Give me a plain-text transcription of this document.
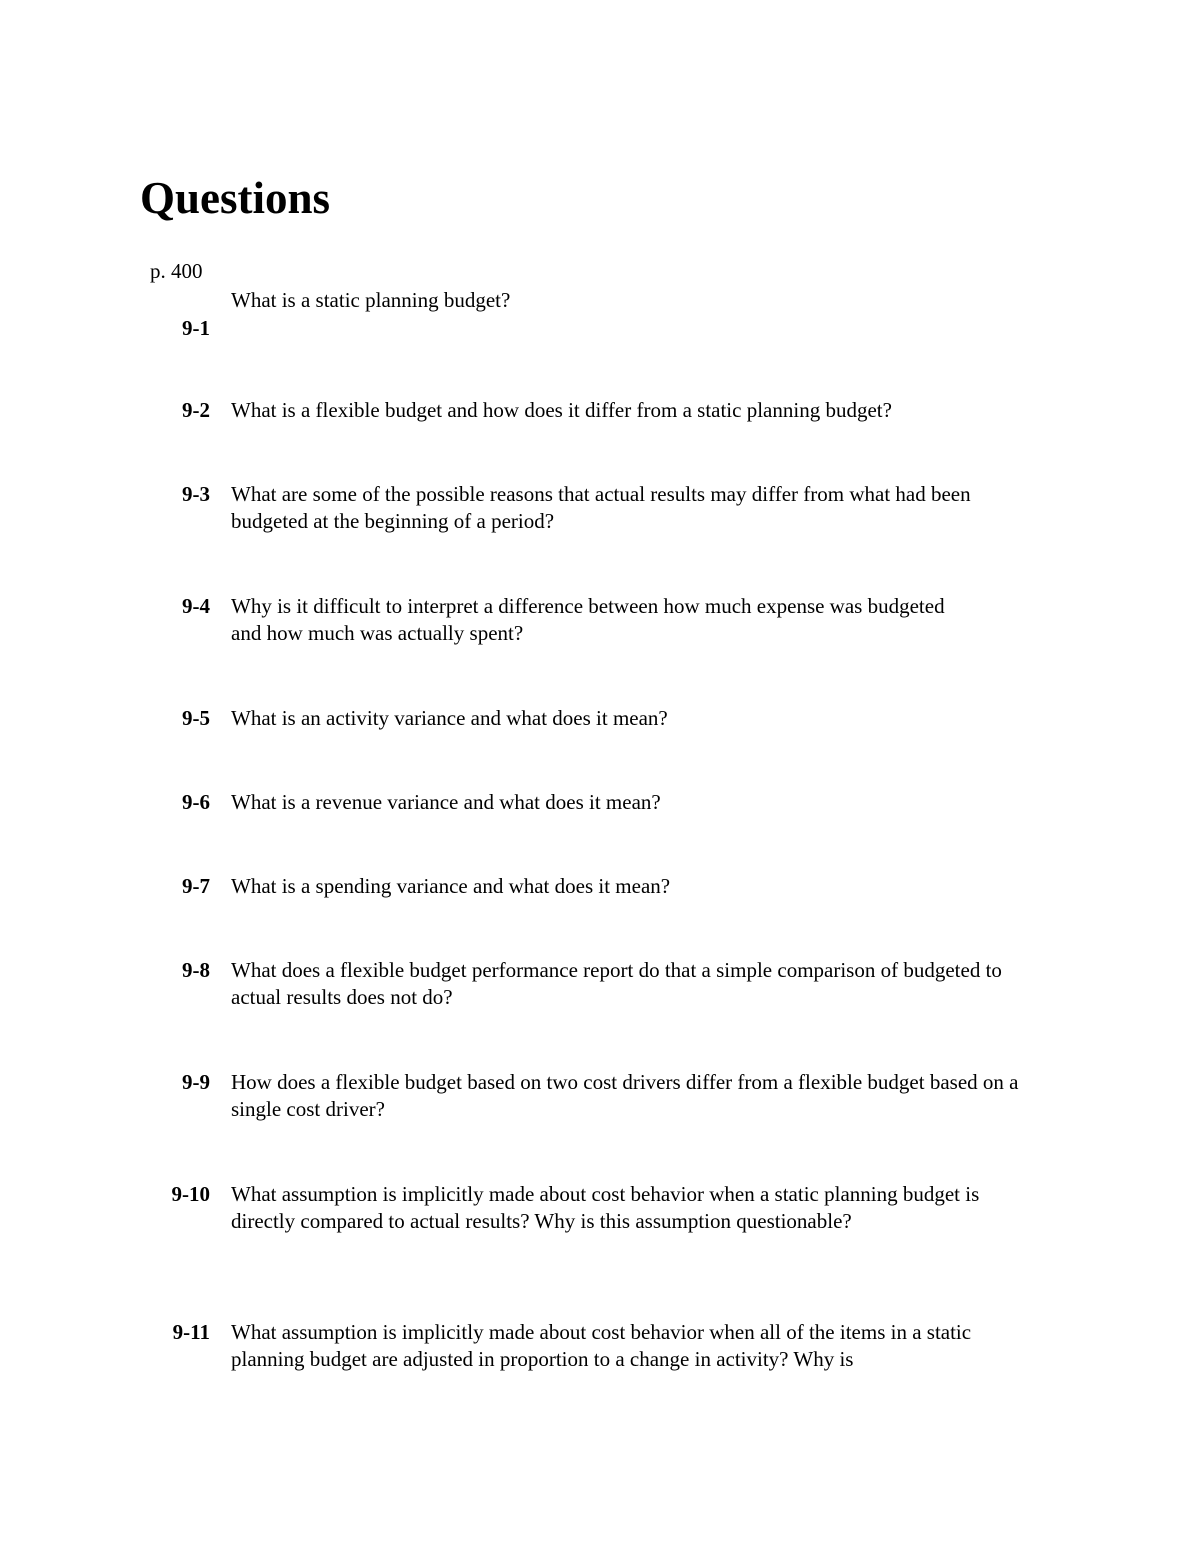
Questions
p. 400
9-1
What is a static planning budget?
9-2 What is a flexible budget and how does it differ from a static planning budget?
9-3 What are some of the possible reasons that actual results may differ from what had been budgeted at the beginning of a period?
9-4 Why is it difficult to interpret a difference between how much expense was budgeted and how much was actually spent?
9-5 What is an activity variance and what does it mean?
9-6 What is a revenue variance and what does it mean?
9-7 What is a spending variance and what does it mean?
9-8 What does a flexible budget performance report do that a simple comparison of budgeted to actual results does not do?
9-9 How does a flexible budget based on two cost drivers differ from a flexible budget based on a single cost driver?
9-10 What assumption is implicitly made about cost behavior when a static planning budget is directly compared to actual results? Why is this assumption questionable?
9-11 What assumption is implicitly made about cost behavior when all of the items in a static planning budget are adjusted in proportion to a change in activity? Why is
